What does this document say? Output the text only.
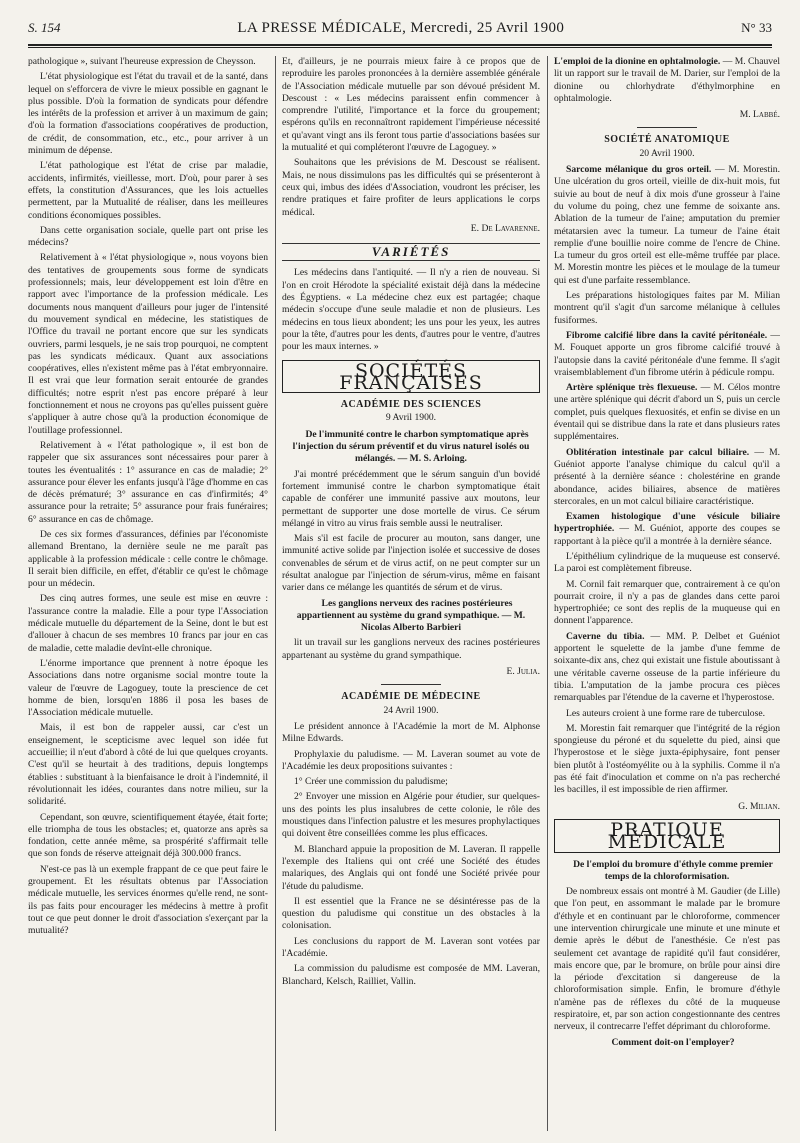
S. 154	LA PRESSE MÉDICALE, Mercredi, 25 Avril 1900	N° 33

pathologique », suivant l'heureuse expression de Cheysson.

L'état physiologique est l'état du travail et de la santé, dans lequel on s'efforcera de vivre le mieux possible en gagnant le plus possible. D'où la formation de syndicats pour défendre les intérêts de la profession et arriver à un maximum de gain; d'où la formation d'associations coopératives de production, de crédit, de consommation, etc., etc., pour arriver à un minimum de dépense.

L'état pathologique est l'état de crise par maladie, accidents, infirmités, vieillesse, mort. D'où, pour parer à ses effets, la constitution d'Assurances, que les lois actuelles permettent, par la Mutualité de réaliser, dans les meilleures conditions économiques possibles.

Dans cette organisation sociale, quelle part ont prise les médecins?

Relativement à « l'état physiologique », nous voyons bien des tentatives de groupements sous forme de syndicats professionnels; mais, leur développement est loin d'être en rapport avec l'importance de la profession médicale. Les documents nous manquent d'ailleurs pour juger de l'intensité du mouvement syndical en médecine, les statistiques de l'Office du travail ne portant encore que sur les syndicats ouvriers, parmi lesquels, je ne sais trop pourquoi, ne comptent pas les syndicats médicaux. Quant aux associations coopératives, elles n'existent même pas à l'état embryonnaire. Il est vrai que leur formation serait entourée de grandes difficultés; notre esprit n'est pas encore préparé à leur fonctionnement et nous ne croyons pas qu'elles puissent guère s'appliquer à autre chose qu'à la production économique de l'outillage professionnel.

Relativement à « l'état pathologique », il est bon de rappeler que six assurances sont nécessaires pour parer à toutes les éventualités : 1° assurance en cas de maladie; 2° assurance pour élever les enfants jusqu'à l'âge d'homme en cas de décès prématuré; 3° assurance en cas d'infirmités; 4° assurance pour la retraite; 5° assurance pour frais funéraires; 6° assurance en cas de chômage.

De ces six formes d'assurances, définies par l'économiste allemand Brentano, la dernière seule ne me paraît pas applicable à la profession médicale : celle contre le chômage. Il serait bien difficile, en effet, d'établir ce qu'est le chômage pour un médecin.

Des cinq autres formes, une seule est mise en œuvre : l'assurance contre la maladie. Elle a pour type l'Association médicale mutuelle du département de la Seine, dont le but est d'allouer à chacun de ses membres 10 francs par jour en cas de maladie, cette maladie devînt-elle chronique.

L'énorme importance que prennent à notre époque les Associations dans notre organisme social montre toute la valeur de l'œuvre de Lagoguey, toute la prescience de cet homme de bien, lorsqu'en 1886 il posa les bases de l'Association médicale mutuelle.

Mais, il est bon de rappeler aussi, car c'est un enseignement, le scepticisme avec lequel son idée fut accueillie; il n'eut d'abord à côté de lui que quelques croyants. C'est qu'il se heurtait à des traditions, depuis longtemps établies : substituant à la bienfaisance le droit à l'indemnité, il révolutionnait les idées, courantes dans notre milieu, sur la solidarité.

Cependant, son œuvre, scientifiquement étayée, était forte; elle triompha de tous les obstacles; et, quatorze ans après sa fondation, cette année même, sa prospérité s'affirmait telle que son fonds de réserve atteignait déjà 300.000 francs.

N'est-ce pas là un exemple frappant de ce que peut faire le groupement. Et les résultats obtenus par l'Association médicale mutuelle, les services énormes qu'elle rend, ne sont-ils pas faits pour encourager les médecins à mettre à profit tout ce que peut donner le droit d'association s'exerçant par la mutualité?

Et, d'ailleurs, je ne pourrais mieux faire à ce propos que de reproduire les paroles prononcées à la dernière assemblée générale de l'Association médicale mutuelle par son dévoué président M. Descoust : « Les médecins paraissent enfin commencer à comprendre l'utilité, l'importance et la force du groupement; espérons qu'ils en reconnaîtront rapidement l'impérieuse nécessité et qu'avant vingt ans ils feront tous partie d'associations basées sur la mutualité et qui compléteront l'œuvre de Lagoguey. »

Souhaitons que les prévisions de M. Descoust se réalisent. Mais, ne nous dissimulons pas les difficultés qui se présenteront à ceux qui, imbus des idées d'Association, voudront les préciser, les rendre pratiques et faire profiter de leurs applications le corps médical.

E. De Lavarenne.
VARIÉTÉS

Les médecins dans l'antiquité. — Il n'y a rien de nouveau. Si l'on en croit Hérodote la spécialité existait déjà dans la médecine des Égyptiens. « La médecine chez eux est partagée; chaque médecin s'occupe d'une seule maladie et non de plusieurs. Les médecins en tous lieux abondent; les uns pour les yeux, les autres pour la tête, d'autres pour les dents, d'autres pour le ventre, d'autres pour les maux internes. »

SOCIÉTÉS FRANÇAISES
ACADÉMIE DES SCIENCES
9 Avril 1900.

De l'immunité contre le charbon symptomatique après l'injection du sérum préventif et du virus naturel isolés ou mélangés. — M. S. Arloing.

J'ai montré précédemment que le sérum sanguin d'un bovidé fortement immunisé contre le charbon symptomatique était capable de conférer une immunité passive aux moutons, leur permettant de supporter une dose mortelle de virus. Ce sérum mélangé in vitro au virus frais semble aussi le neutraliser.

Mais s'il est facile de procurer au mouton, sans danger, une immunité active solide par l'injection isolée et successive de doses convenables de sérum et de virus actif, on ne peut compter sur un résultat analogue par l'injection de sérum-virus, même en faisant varier dans ce mélange les quantités de sérum et de virus.

Les ganglions nerveux des racines postérieures appartiennent au système du grand sympathique. — M. Nicolas Alberto Barbieri

lit un travail sur les ganglions nerveux des racines postérieures appartenant au système du grand sympathique.

E. Julia.
ACADÉMIE DE MÉDECINE
24 Avril 1900.

Le président annonce à l'Académie la mort de M. Alphonse Milne Edwards.

Prophylaxie du paludisme. — M. Laveran soumet au vote de l'Académie les deux propositions suivantes :

1° Créer une commission du paludisme;

2° Envoyer une mission en Algérie pour étudier, sur quelques-uns des points les plus insalubres de cette colonie, le rôle des moustiques dans l'infection palustre et les mesures prophylactiques qui doivent être conseillées comme les plus efficaces.

M. Blanchard appuie la proposition de M. Laveran. Il rappelle l'exemple des Italiens qui ont créé une Société des études malariques, des Anglais qui ont fondé une Société privée pour l'étude du paludisme.

Il est essentiel que la France ne se désintéresse pas de la question du paludisme qui constitue un des obstacles à la colonisation.

Les conclusions du rapport de M. Laveran sont votées par l'Académie.

La commission du paludisme est composée de MM. Laveran, Blanchard, Kelsch, Railliet, Vallin.

L'emploi de la dionine en ophtalmologie. — M. Chauvel lit un rapport sur le travail de M. Darier, sur l'emploi de la dionine ou chlorhydrate d'éthylmorphine en ophtalmologie.

M. Labbé.
SOCIÉTÉ ANATOMIQUE
20 Avril 1900.

Sarcome mélanique du gros orteil. — M. Morestin. Une ulcération du gros orteil, vieille de dix-huit mois, fut suivie au bout de neuf à dix mois d'une grosseur à l'aine du volume du poing, chez une femme de soixante ans. Ablation de la tumeur de l'aine; amputation du premier métatarsien avec la tumeur. La tumeur de l'aine était remplie d'une bouillie noire comme de l'encre de Chine. La tumeur du gros orteil est elle-même truffée par place. M. Morestin montre les pièces et le moulage de la tumeur qui est d'une parfaite ressemblance.

Les préparations histologiques faites par M. Milian montrent qu'il s'agit d'un sarcome mélanique à cellules fusiformes.

Fibrome calcifié libre dans la cavité péritonéale. — M. Fouquet apporte un gros fibrome calcifié trouvé à l'autopsie dans la cavité péritonéale d'une femme. Il s'agit vraisemblablement d'un fibrome utérin à pédicule rompu.

Artère splénique très flexueuse. — M. Célos montre une artère splénique qui décrit d'abord un S, puis un cercle complet, puis quelques flexuosités, et enfin se divise en un éventail qui se distribue dans la rate et dans plusieurs rates supplémentaires.

Oblitération intestinale par calcul biliaire. — M. Guéniot apporte l'analyse chimique du calcul qu'il a présenté à la dernière séance : cholestérine en grande abondance, acides biliaires, absence de matières stercorales, en un mot calcul biliaire caractéristique.

Examen histologique d'une vésicule biliaire hypertrophiée. — M. Guéniot, apporte des coupes se rapportant à la pièce qu'il a montrée à la dernière séance.

L'épithélium cylindrique de la muqueuse est conservé. La paroi est complètement fibreuse.

M. Cornil fait remarquer que, contrairement à ce qu'on pourrait croire, il n'y a pas de glandes dans cette paroi hypertrophiée; ce sont des replis de la muqueuse qui en donnent l'apparence.

Caverne du tibia. — MM. P. Delbet et Guéniot apportent le squelette de la jambe d'une femme de soixante-dix ans, chez qui existait une fistule aboutissant à une véritable caverne osseuse de la partie inférieure du tibia. L'amputation de la jambe procura ces pièces remarquables par l'étendue de la caverne et l'hyperostose.

Les auteurs croient à une forme rare de tuberculose.

M. Morestin fait remarquer que l'intégrité de la région spongieuse du péroné et du squelette du pied, ainsi que l'hyperostose et le siège juxta-épiphysaire, font penser bien plutôt à l'ostéomyélite ou à la syphilis. Comme il n'a pas été fait d'inoculation et comme on n'a pas recherché les bacilles, il est impossible de rien affirmer.

G. Milian.
PRATIQUE MÉDICALE

De l'emploi du bromure d'éthyle comme premier temps de la chloroformisation.

De nombreux essais ont montré à M. Gaudier (de Lille) que l'on peut, en assommant le malade par le bromure d'éthyle et en continuant par le chloroforme, commencer une intervention chirurgicale une minute et une minute et demie après le début de l'anesthésie. Ce n'est pas seulement cet avantage de rapidité qu'il faut considérer, mais encore que, par le bromure, on brûle pour ainsi dire la période d'excitation si dangereuse de la chloroformisation simple. Enfin, le bromure d'éthyle n'amène pas de réflexes du côté de la muqueuse respiratoire, et, par son action congestionnante des centres nerveux, il contrecarre l'effet déprimant du chloroforme.

Comment doit-on l'employer?
